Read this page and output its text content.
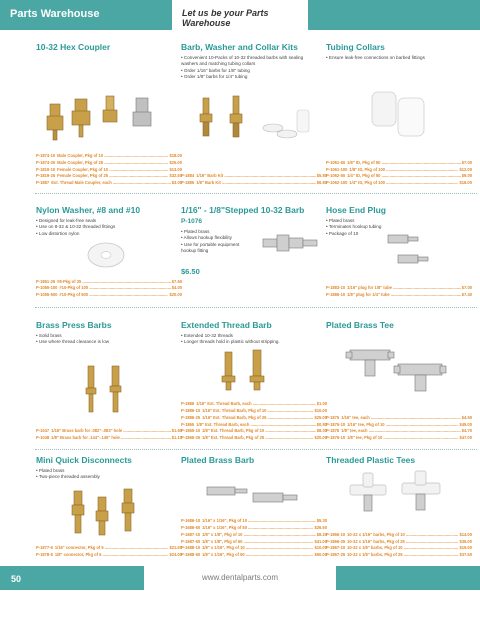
Parts Warehouse	Let us be your Parts Warehouse
10-32 Hex Coupler
P-1874-10 Male Coupler, Pkg of 10 .....	$18.00
P-1874-25 Male Coupler, Pkg of 25 .....	$25.00
P-1819-10 Female Coupler, Pkg of 10 .....	$13.00
P-1819-25 Female Coupler, Pkg of 25 .....	$32.50
P-1887 Ext. Thread Male Coupler, each .....	$3.00
Barb, Washer and Collar Kits
• Convenient 10-Packs of 10-32 threaded barbs with sealing washers and matching tubing collars
• Order 1/16" barbs for 1/8" tubing
• Order 1/8" barbs for 1/4" tubing
P-1884 1/16" Barb Kit .....	$5.80
P-1885 1/8" Barb Kit .....	$6.80
Tubing Collars
• Ensure leak-free connections on barbed fittings
P-1061-50 1/8" ID, Pkg of 50 .....	$7.00
P-1061-100 1/8" ID, Pkg of 100 .....	$12.00
P-1062-50 1/4" ID, Pkg of 50 .....	$9.00
P-1062-100 1/4" ID, Pkg of 100 .....	$16.00
Nylon Washer, #8 and #10
• Designed for leak-free seals
• Use on 8-32 & 10-32 threaded fittings
• Low distortion nylon
P-1851-25 #8-Pkg of 25 .....	$7.60
P-1055-100 #10-Pkg of 100 .....	$4.00
P-1055-500 #10-Pkg of 500 .....	$20.00
1/16" - 1/8"Stepped 10-32 Barb
P-1076
• Plated brass
• Allows hookup flexibility
• Use for portable equipment hookup fitting
$6.50
Hose End Plug
• Plated brass
• Terminates hookup tubing
• Package of 10
P-1883-10 1/16" plug for 1/8" tube .....	$7.00
P-1886-10 1/8" plug for 1/4" tube .....	$7.40
Brass Press Barbs
• Solid brass
• Use where thread clearance is low
P-1047 1/16" Brass barb for .082"-.083" hole .....	$1.60
P-1048 1/8" Brass barb for .144"-.145" hole .....	$1.10
Extended Thread Barb
• Extended 10-32 threads
• Longer threads hold in plastic without stripping.
P-1886 1/16" Ext. Thread Barb, each .....	$1.00
P-1886-10 1/16" Ext. Thread Barb, Pkg of 10 .....	$10.00
P-1886-25 1/16" Ext. Thread Barb, Pkg of 25 .....	$25.00
P-1865 1/8" Ext. Thread Barb, each .....	$0.80
P-1865-10 1/8" Ext. Thread Barb, Pkg of 10 .....	$8.00
P-1865-25 1/8" Ext. Thread Barb, Pkg of 25 .....	$20.00
Plated Brass Tee
P-1875 1/16" tee, each .....	$4.50
P-1875-10 1/16" tee, Pkg of 10 .....	$45.00
P-1876 1/8" tee, each .....	$4.70
P-1876-10 1/8" tee, Pkg of 10 .....	$47.00
Mini Quick Disconnects
• Plated brass
• Two-piece threaded assembly
P-1877-5 1/16" connector, Pkg of 5 .....	$21.50
P-1878-5 1/8" connector, Pkg of 5 .....	$24.00
Plated Brass Barb
P-1686-10 1/16" x 1/16", Pkg of 10 .....	$5.30
P-1686-50 1/16" x 1/16", Pkg of 50 .....	$26.50
P-1687-10 1/8" x 1/8", Pkg of 10 .....	$8.20
P-1687-50 1/8" x 1/8", Pkg of 50 .....	$41.00
P-1688-10 1/8" x 1/16", Pkg of 10 .....	$10.00
P-1688-50 1/8" x 1/16", Pkg of 50 .....	$50.00
Threaded Plastic Tees
P-1866-10 10-32 x 1/16" barbs, Pkg of 10 .....	$14.00
P-1866-25 10-32 x 1/16" barbs, Pkg of 25 .....	$35.00
P-1867-10 10-32 x 1/8" barbs, Pkg of 10 .....	$15.00
P-1867-25 10-32 x 1/8" barbs, Pkg of 25 .....	$37.50
50	www.dentalparts.com
